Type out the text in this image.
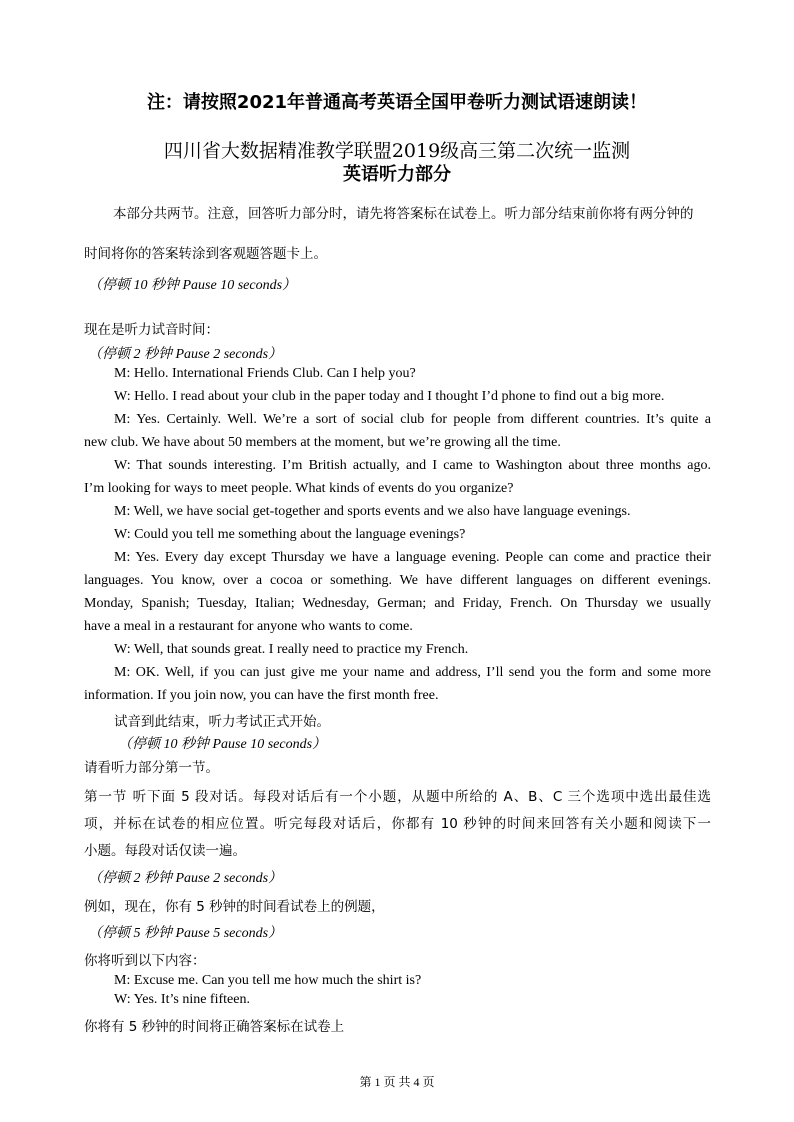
注：请按照2021年普通高考英语全国甲卷听力测试语速朗读！
四川省大数据精准教学联盟2019级高三第二次统一监测
英语听力部分
本部分共两节。注意，回答听力部分时，请先将答案标在试卷上。听力部分结束前你将有两分钟的
时间将你的答案转涂到客观题答题卡上。
（停顿 10 秒钟 Pause 10 seconds）
现在是听力试音时间：
（停顿 2 秒钟 Pause 2 seconds）
M: Hello. International Friends Club. Can I help you?
W: Hello. I read about your club in the paper today and I thought I’d phone to find out a big more.
M: Yes. Certainly. Well. We’re a sort of social club for people from different countries. It’s quite a
new club. We have about 50 members at the moment, but we’re growing all the time.
W: That sounds interesting. I’m British actually, and I came to Washington about three months ago.
I’m looking for ways to meet people. What kinds of events do you organize?
M: Well, we have social get-together and sports events and we also have language evenings.
W: Could you tell me something about the language evenings?
M: Yes. Every day except Thursday we have a language evening. People can come and practice their
languages. You know, over a cocoa or something. We have different languages on different evenings.
Monday, Spanish; Tuesday, Italian; Wednesday, German; and Friday, French. On Thursday we usually
have a meal in a restaurant for anyone who wants to come.
W: Well, that sounds great. I really need to practice my French.
M: OK. Well, if you can just give me your name and address, I’ll send you the form and some more
information. If you join now, you can have the first month free.
试音到此结束，听力考试正式开始。
（停顿 10 秒钟 Pause 10 seconds）
请看听力部分第一节。
第一节 听下面 5 段对话。每段对话后有一个小题，从题中所给的 A、B、C 三个选项中选出最佳选
项，并标在试卷的相应位置。听完每段对话后，你都有 10 秒钟的时间来回答有关小题和阅读下一
小题。每段对话仅读一遍。
（停顿 2 秒钟 Pause 2 seconds）
例如，现在，你有 5 秒钟的时间看试卷上的例题，
（停顿 5 秒钟 Pause 5 seconds）
你将听到以下内容：
M: Excuse me. Can you tell me how much the shirt is?
W: Yes. It’s nine fifteen.
你将有 5 秒钟的时间将正确答案标在试卷上
第 1 页 共 4 页
